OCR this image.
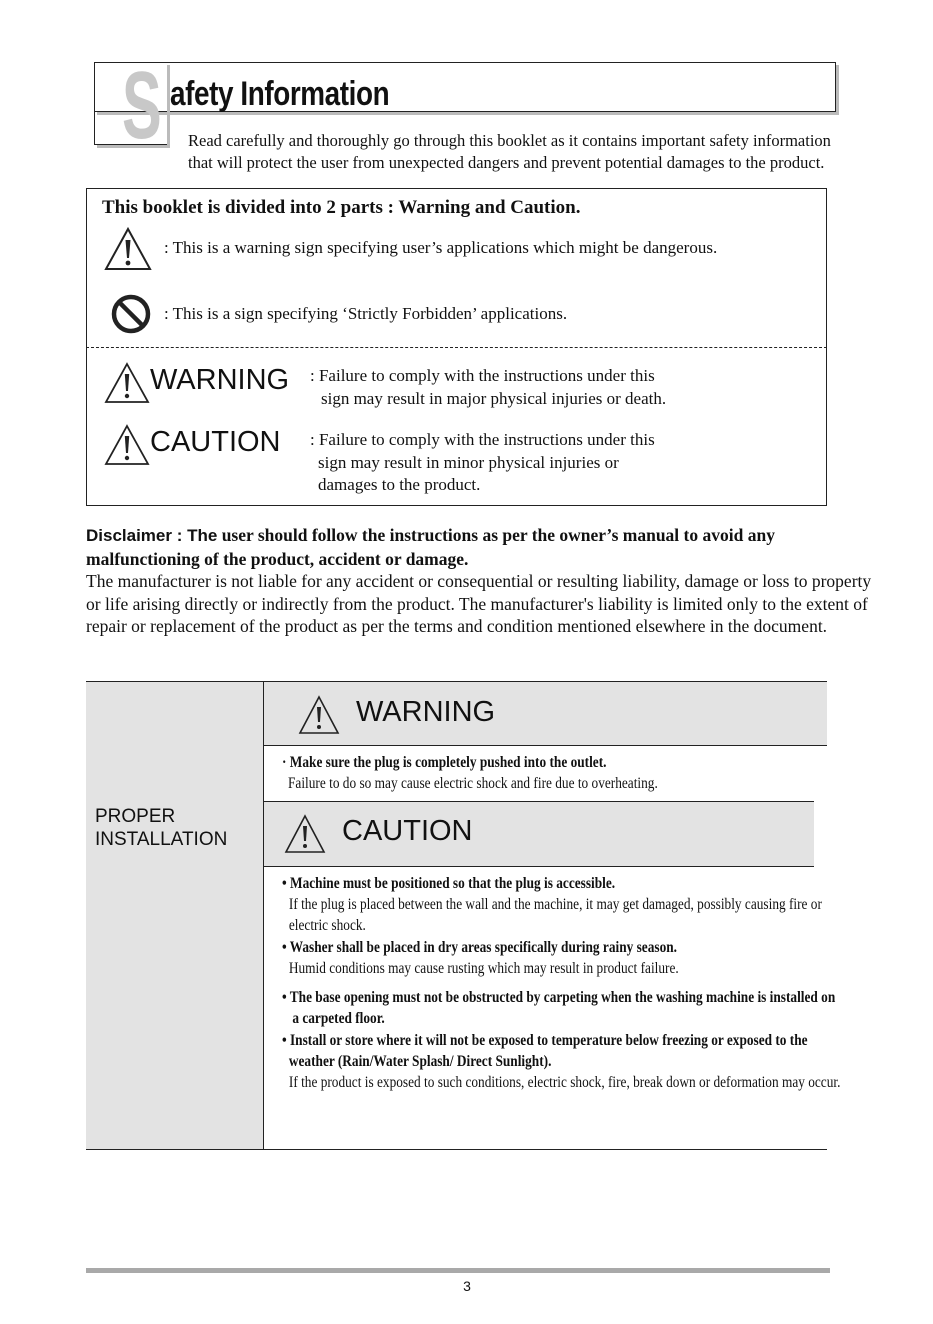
S afety Information
Read carefully and thoroughly go through this booklet as it contains important safety information
that will protect the user from unexpected dangers and prevent potential damages to the product.
This booklet is divided into 2 parts : Warning and Caution.
: This is a warning sign specifying user’s applications which might be dangerous.
: This is a sign specifying ‘Strictly Forbidden’ applications.
WARNING : Failure to comply with the instructions under this
sign may result in major physical injuries or death.
CAUTION : Failure to comply with the instructions under this
sign may result in minor physical injuries or
damages to the product.
Disclaimer : The user should follow the instructions as per the owner’s manual to avoid any malfunctioning of the product, accident or damage.
The manufacturer is not liable for any accident or consequential or resulting liability, damage or loss to property or life arising directly or indirectly from the product. The manufacturer's liability is limited only to the extent of repair or replacement of the product as per the terms and condition mentioned elsewhere in the document.
PROPER
INSTALLATION
WARNING
· Make sure the plug is completely pushed into the outlet.
Failure to do so may cause electric shock and fire due to overheating.
CAUTION
• Machine must be positioned so that the plug is accessible.
If the plug is placed between the wall and the machine, it may get damaged, possibly causing fire or
electric shock.
• Washer shall be placed in dry areas specifically during rainy season.
Humid conditions may cause rusting which may result in product failure.
• The base opening must not be obstructed by carpeting when the washing machine is installed on
a carpeted floor.
• Install or store where it will not be exposed to temperature below freezing or exposed to the
weather (Rain/Water Splash/ Direct Sunlight).
If the product is exposed to such conditions, electric shock, fire, break down or deformation may occur.
3
